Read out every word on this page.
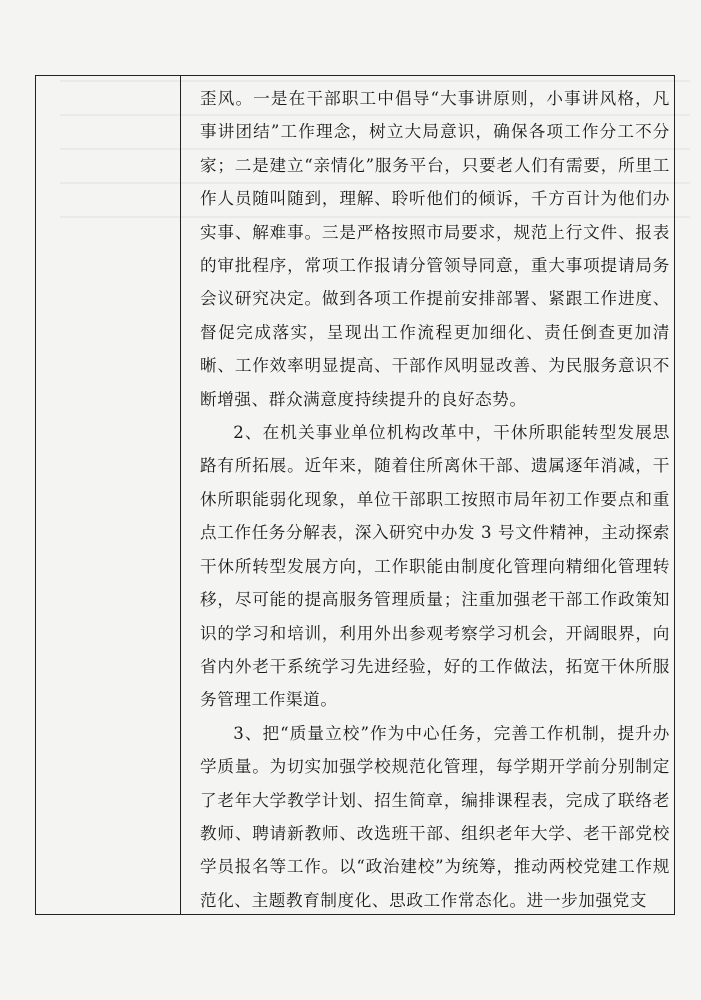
歪风。一是在干部职工中倡导“大事讲原则，小事讲风格，凡事讲团结”工作理念，树立大局意识，确保各项工作分工不分家；二是建立“亲情化”服务平台，只要老人们有需要，所里工作人员随叫随到，理解、聆听他们的倾诉，千方百计为他们办实事、解难事。三是严格按照市局要求，规范上行文件、报表的审批程序，常项工作报请分管领导同意，重大事项提请局务会议研究决定。做到各项工作提前安排部署、紧跟工作进度、督促完成落实，呈现出工作流程更加细化、责任倒查更加清晰、工作效率明显提高、干部作风明显改善、为民服务意识不断增强、群众满意度持续提升的良好态势。

2、在机关事业单位机构改革中，干休所职能转型发展思路有所拓展。近年来，随着住所离休干部、遗属逐年消减，干休所职能弱化现象，单位干部职工按照市局年初工作要点和重点工作任务分解表，深入研究中办发 3 号文件精神，主动探索干休所转型发展方向，工作职能由制度化管理向精细化管理转移，尽可能的提高服务管理质量；注重加强老干部工作政策知识的学习和培训，利用外出参观考察学习机会，开阔眼界，向省内外老干系统学习先进经验，好的工作做法，拓宽干休所服务管理工作渠道。

3、把“质量立校”作为中心任务，完善工作机制，提升办学质量。为切实加强学校规范化管理，每学期开学前分别制定了老年大学教学计划、招生简章，编排课程表，完成了联络老教师、聘请新教师、改选班干部、组织老年大学、老干部党校学员报名等工作。以“政治建校”为统筹，推动两校党建工作规范化、主题教育制度化、思政工作常态化。进一步加强党支
